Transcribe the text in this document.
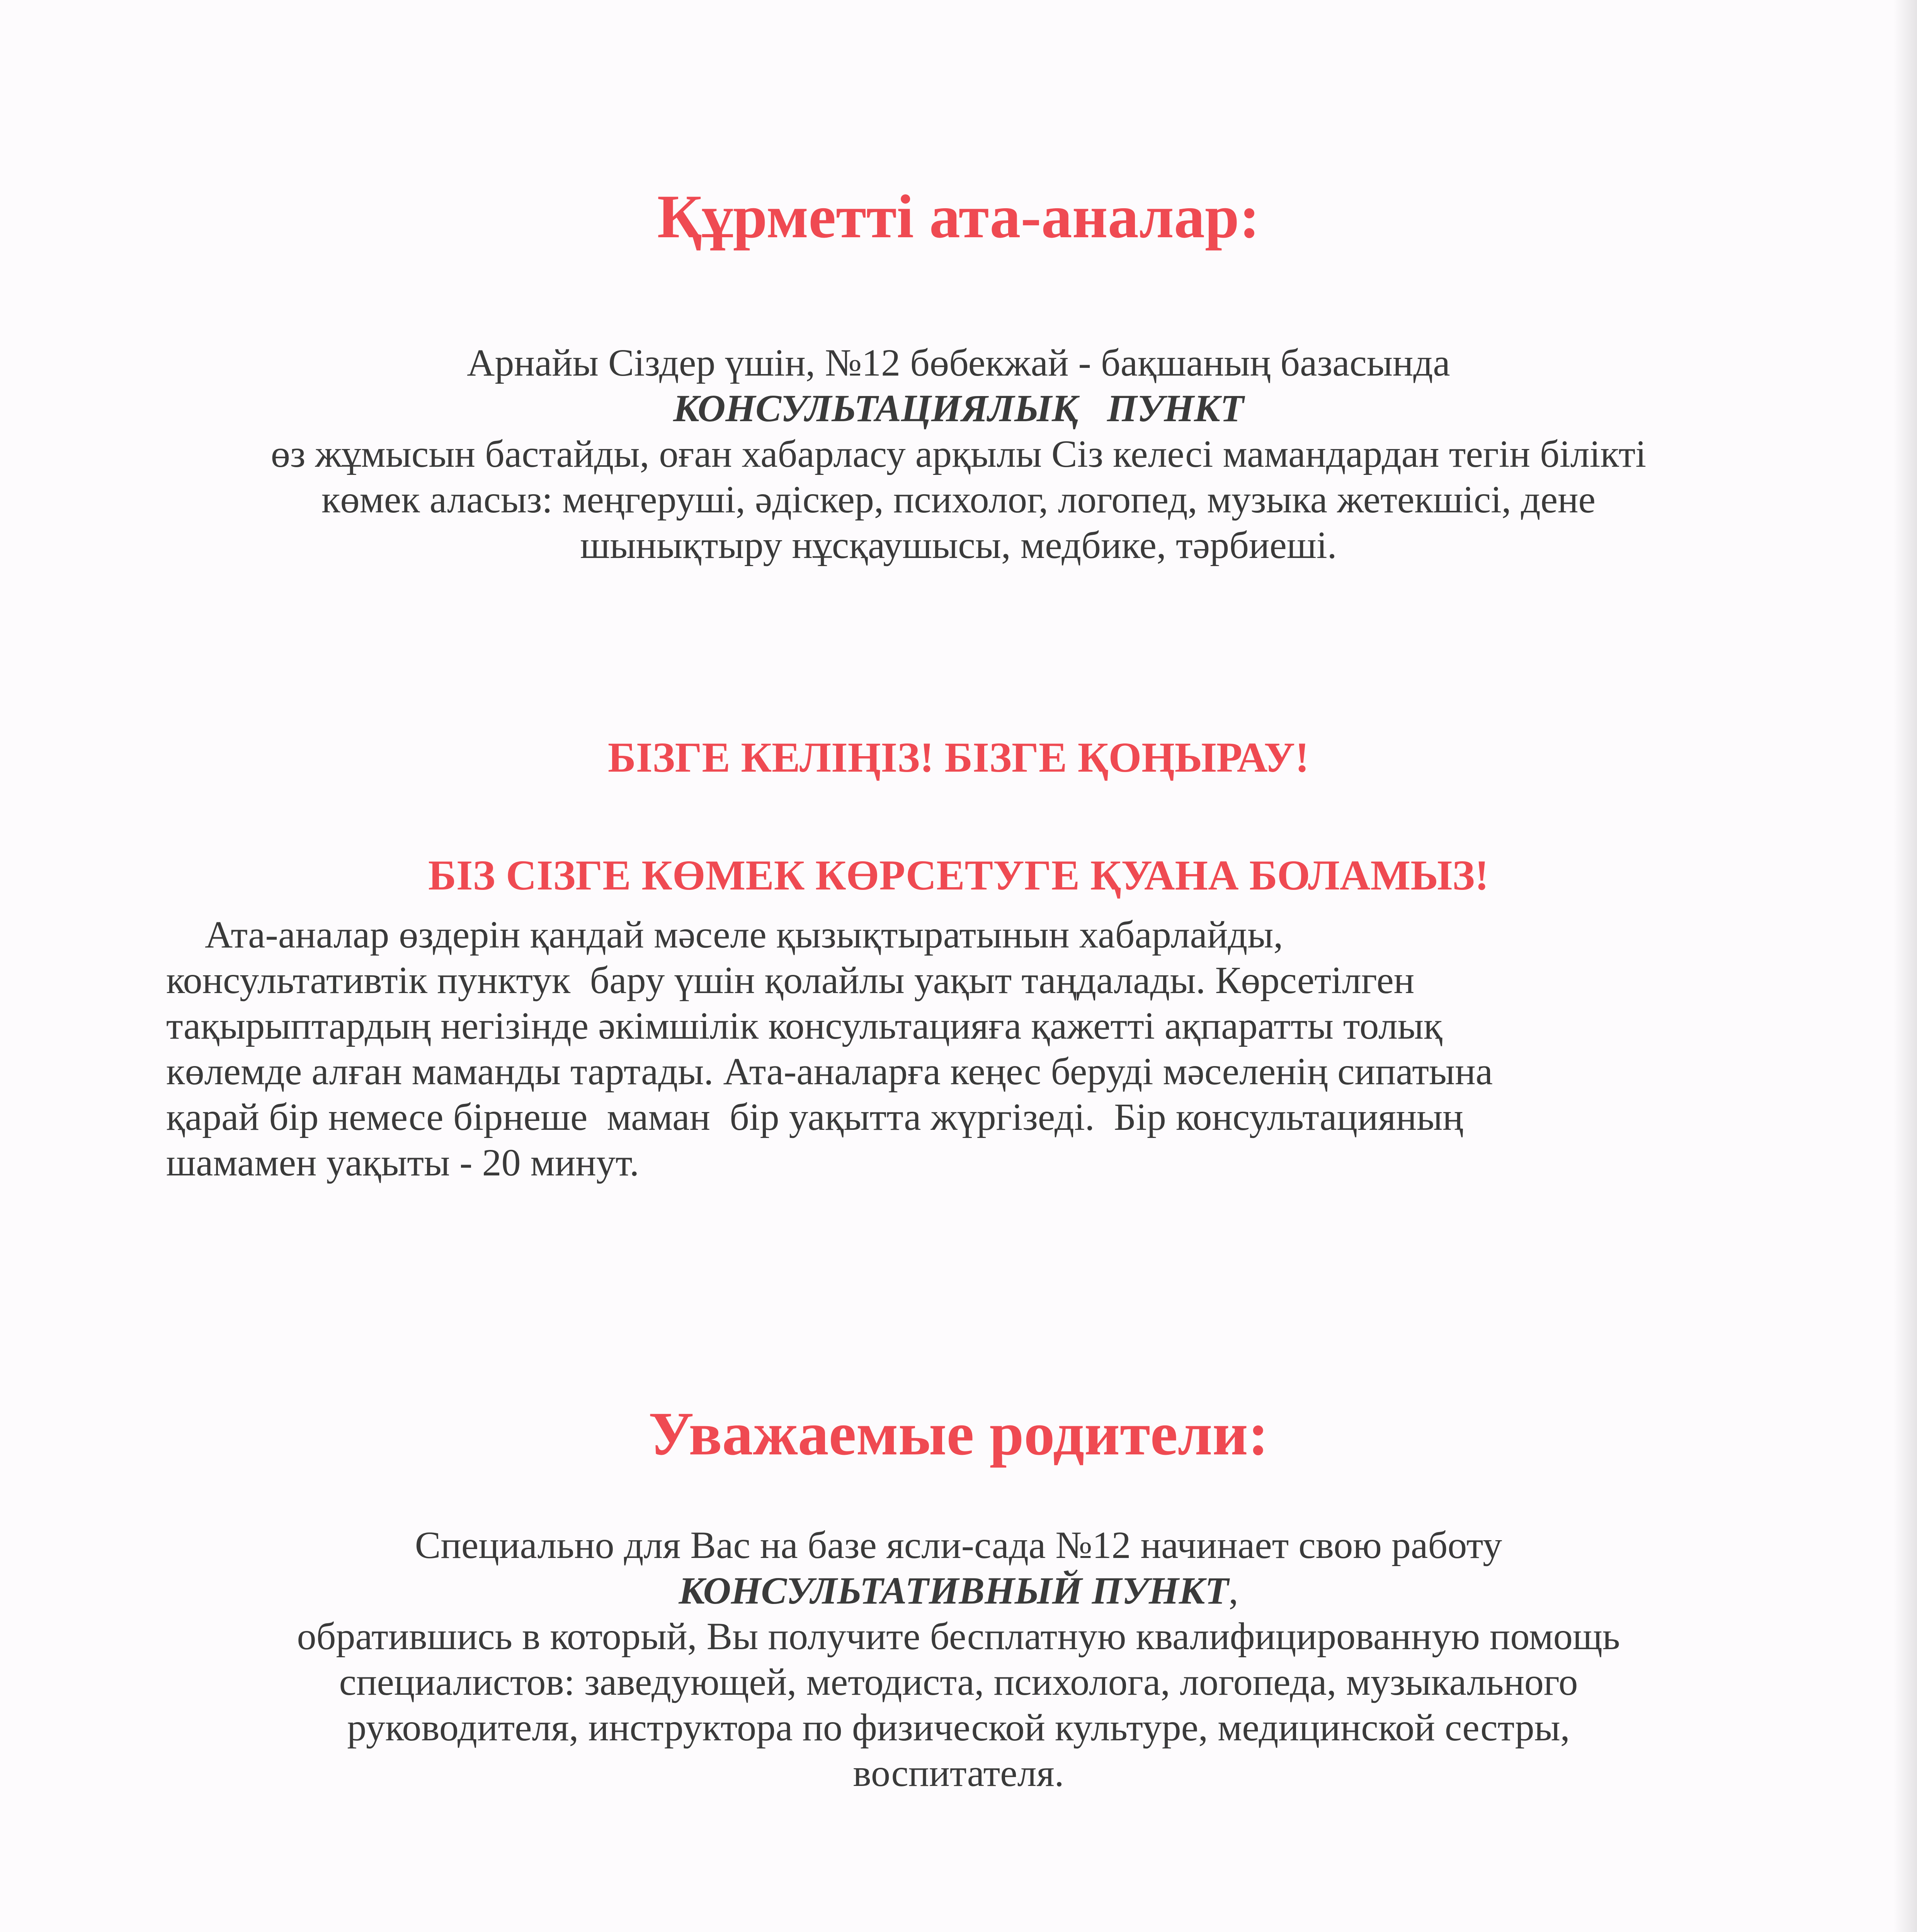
Құрметті ата-аналар:
Арнайы Сіздер үшін, №12 бөбекжай - бақшаның базасында
КОНСУЛЬТАЦИЯЛЫҚ   ПУНКТ
өз жұмысын бастайды, оған хабарласу арқылы Сіз келесі мамандардан тегін білікті
көмек аласыз: меңгеруші, әдіскер, психолог, логопед, музыка жетекшісі, дене
шынықтыру нұсқаушысы, медбике, тәрбиеші.
БІЗГЕ КЕЛІҢІЗ! БІЗГЕ ҚОҢЫРАУ!
БІЗ СІЗГЕ КӨМЕК КӨРСЕТУГЕ ҚУАНА БОЛАМЫЗ!
Ата-аналар өздерін қандай мәселе қызықтыратынын хабарлайды,
консультативтік пунктук  бару үшін қолайлы уақыт таңдалады. Көрсетілген
тақырыптардың негізінде әкімшілік консультацияға қажетті ақпаратты толық
көлемде алған маманды тартады. Ата-аналарға кеңес беруді мәселенің сипатына
қарай бір немесе бірнеше  маман  бір уақытта жүргізеді.  Бір консультацияның
шамамен уақыты - 20 минут.
Уважаемые родители:
Специально для Вас на базе ясли-сада №12 начинает свою работу
КОНСУЛЬТАТИВНЫЙ ПУНКТ,
обратившись в который, Вы получите бесплатную квалифицированную помощь
специалистов: заведующей, методиста, психолога, логопеда, музыкального
руководителя, инструктора по физической культуре, медицинской сестры,
воспитателя.
